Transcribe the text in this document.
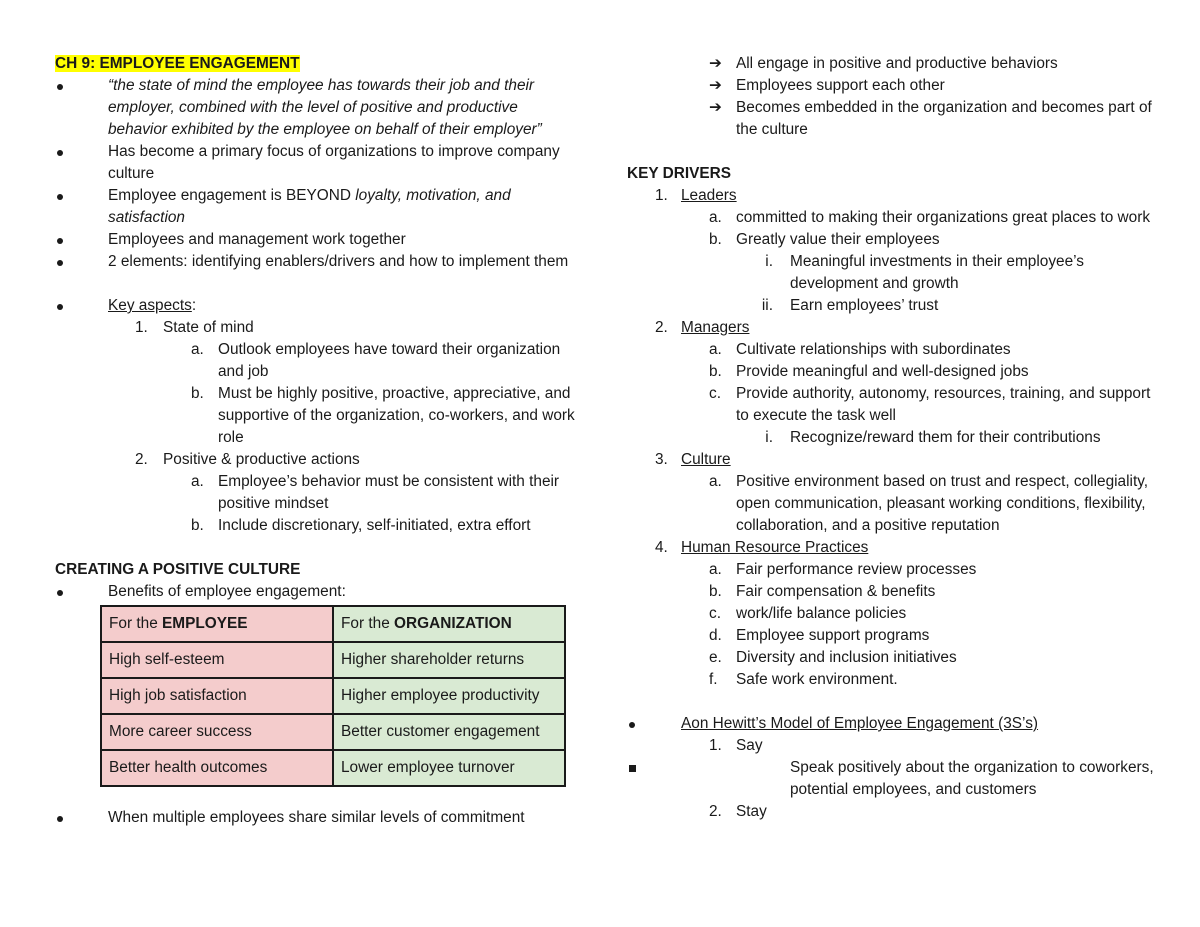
CH 9: EMPLOYEE ENGAGEMENT
“the state of mind the employee has towards their job and their employer, combined with the level of positive and productive behavior exhibited by the employee on behalf of their employer”
Has become a primary focus of organizations to improve company culture
Employee engagement is BEYOND loyalty, motivation, and satisfaction
Employees and management work together
2 elements: identifying enablers/drivers and how to implement them
Key aspects:
1. State of mind
a. Outlook employees have toward their organization and job
b. Must be highly positive, proactive, appreciative, and supportive of the organization, co-workers, and work role
2. Positive & productive actions
a. Employee’s behavior must be consistent with their positive mindset
b. Include discretionary, self-initiated, extra effort
CREATING A POSITIVE CULTURE
Benefits of employee engagement:
For the EMPLOYEE	For the ORGANIZATION
High self-esteem	Higher shareholder returns
High job satisfaction	Higher employee productivity
More career success	Better customer engagement
Better health outcomes	Lower employee turnover
When multiple employees share similar levels of commitment
➔ All engage in positive and productive behaviors
➔ Employees support each other
➔ Becomes embedded in the organization and becomes part of the culture
KEY DRIVERS
1. Leaders
a. committed to making their organizations great places to work
b. Greatly value their employees
i. Meaningful investments in their employee’s development and growth
ii. Earn employees’ trust
2. Managers
a. Cultivate relationships with subordinates
b. Provide meaningful and well-designed jobs
c. Provide authority, autonomy, resources, training, and support to execute the task well
i. Recognize/reward them for their contributions
3. Culture
a. Positive environment based on trust and respect, collegiality, open communication, pleasant working conditions, flexibility, collaboration, and a positive reputation
4. Human Resource Practices
a. Fair performance review processes
b. Fair compensation & benefits
c. work/life balance policies
d. Employee support programs
e. Diversity and inclusion initiatives
f. Safe work environment.
Aon Hewitt’s Model of Employee Engagement (3S’s)
1. Say
Speak positively about the organization to coworkers, potential employees, and customers
2. Stay
